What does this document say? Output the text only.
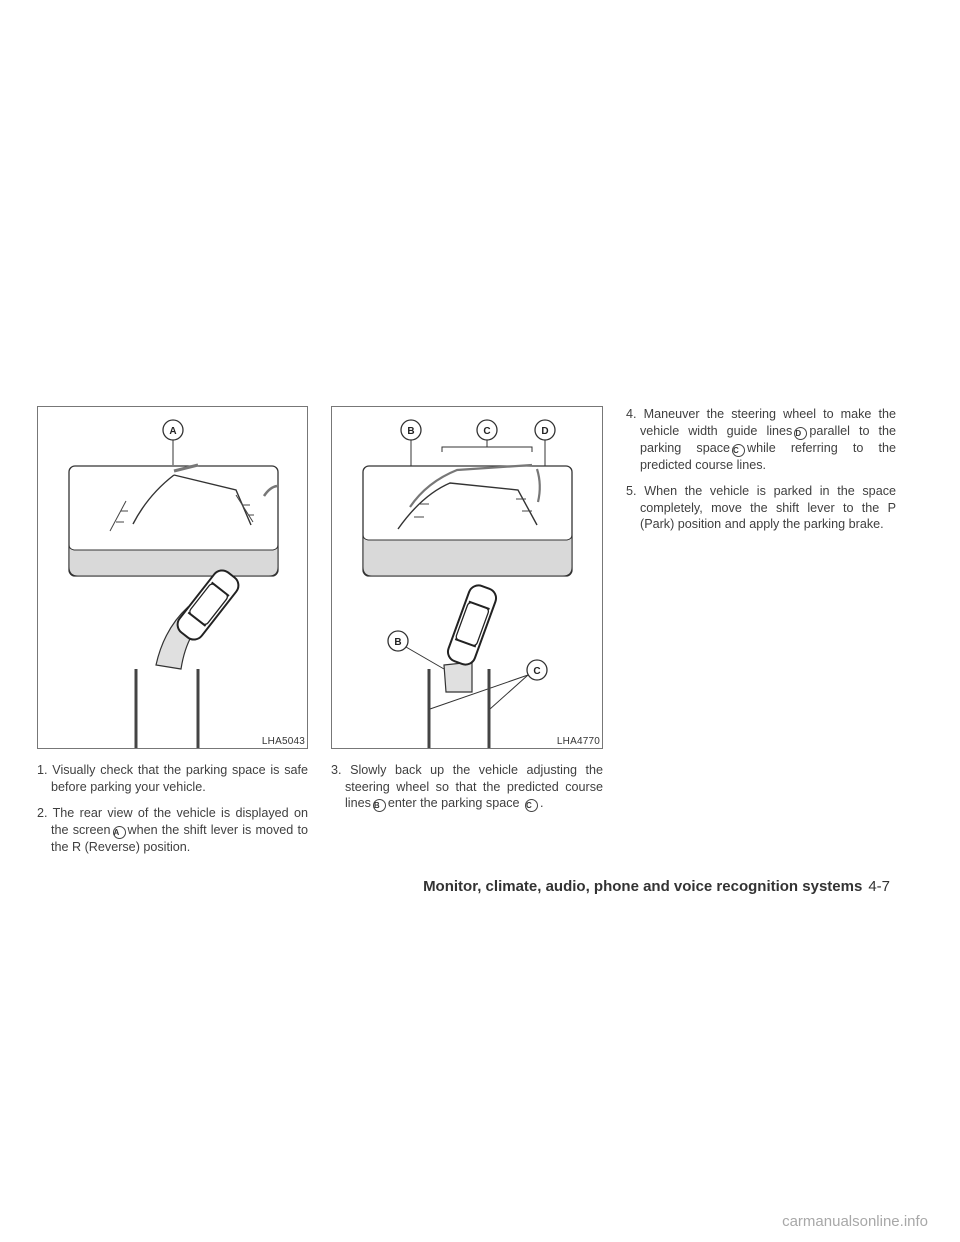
A
LHA5043
B	C	D
B
C
LHA4770

1. Visually check that the parking space is safe before parking your vehicle.

2. The rear view of the vehicle is displayed on the screen A when the shift lever is moved to the R (Reverse) position.

3. Slowly back up the vehicle adjusting the steering wheel so that the predicted course lines B enter the parking space C .

4. Maneuver the steering wheel to make the vehicle width guide lines D parallel to the parking space C while referring to the predicted course lines.

5. When the vehicle is parked in the space completely, move the shift lever to the P (Park) position and apply the parking brake.

Monitor, climate, audio, phone and voice recognition systems 4-7
carmanualsonline.info
